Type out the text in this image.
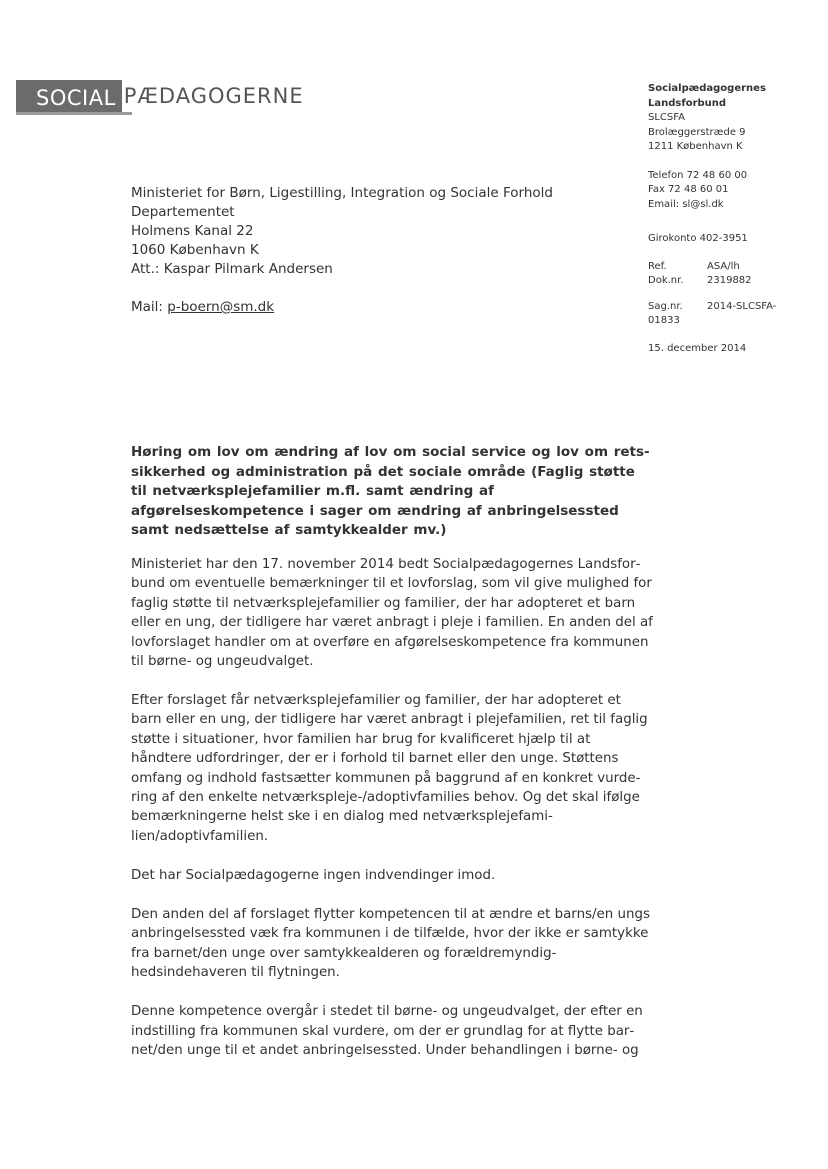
SOCIAL PÆDAGOGERNE	Socialpædagogernes
Landsforbund
SLCSFA
Brolæggerstræde 9
1211 København K
Telefon 72 48 60 00
Fax 72 48 60 01
Email: sl@sl.dk
Girokonto 402-3951
Ref.	ASA/lh
Dok.nr.	2319882
Sag.nr.	2014-SLCSFA-
01833
15. december 2014
Ministeriet for Børn, Ligestilling, Integration og Sociale Forhold
Departementet
Holmens Kanal 22
1060 København K
Att.: Kaspar Pilmark Andersen
Mail: p-boern@sm.dk
Høring om lov om ændring af lov om social service og lov om retssikkerhed og administration på det sociale område (Faglig støtte til netværksplejefamilier m.fl. samt ændring af afgørelseskompetence i sager om ændring af anbringelsessted samt nedsættelse af samtykkealder mv.)

Ministeriet har den 17. november 2014 bedt Socialpædagogernes Landsforbund om eventuelle bemærkninger til et lovforslag, som vil give mulighed for faglig støtte til netværksplejefamilier og familier, der har adopteret et barn eller en ung, der tidligere har været anbragt i pleje i familien. En anden del af lovforslaget handler om at overføre en afgørelseskompetence fra kommunen til børne- og ungeudvalget.

Efter forslaget får netværksplejefamilier og familier, der har adopteret et barn eller en ung, der tidligere har været anbragt i plejefamilien, ret til faglig støtte i situationer, hvor familien har brug for kvalificeret hjælp til at håndtere udfordringer, der er i forhold til barnet eller den unge. Støttens omfang og indhold fastsætter kommunen på baggrund af en konkret vurdering af den enkelte netværkspleje-/adoptivfamilies behov. Og det skal ifølge bemærkningerne helst ske i en dialog med netværksplejefamilien/adoptivfamilien.

Det har Socialpædagogerne ingen indvendinger imod.

Den anden del af forslaget flytter kompetencen til at ændre et barns/en ungs anbringelsessted væk fra kommunen i de tilfælde, hvor der ikke er samtykke fra barnet/den unge over samtykkealderen og forældremyndighedsindehaveren til flytningen.

Denne kompetence overgår i stedet til børne- og ungeudvalget, der efter en indstilling fra kommunen skal vurdere, om der er grundlag for at flytte barnet/den unge til et andet anbringelsessted. Under behandlingen i børne- og
